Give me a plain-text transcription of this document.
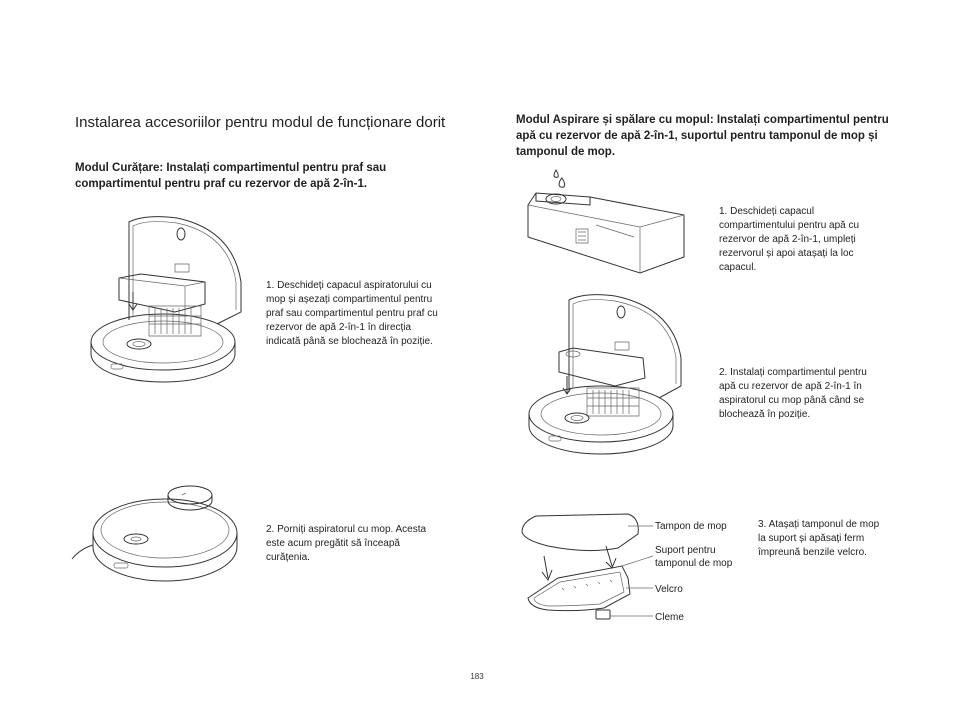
Instalarea accesoriilor pentru modul de funcționare dorit
Modul Curățare: Instalați compartimentul pentru praf sau compartimentul pentru praf cu rezervor de apă 2-în-1.
1. Deschideți capacul aspiratorului cu mop și așezați compartimentul pentru praf sau compartimentul pentru praf cu rezervor de apă 2-în-1 în direcția indicată până se blochează în poziție.
2. Porniți aspiratorul cu mop. Acesta este acum pregătit să înceapă curățenia.
Modul Aspirare și spălare cu mopul: Instalați compartimentul pentru apă cu rezervor de apă 2-în-1, suportul pentru tamponul de mop și tamponul de mop.
1. Deschideți capacul compartimentului pentru apă cu rezervor de apă 2-în-1, umpleți rezervorul și apoi atașați la loc capacul.
2. Instalați compartimentul pentru apă cu rezervor de apă 2-în-1 în aspiratorul cu mop până când se blochează în poziție.
3. Atașați tamponul de mop la suport și apăsați ferm împreună benzile velcro.
Tampon de mop
Suport pentru tamponul de mop
Velcro
Cleme
183
